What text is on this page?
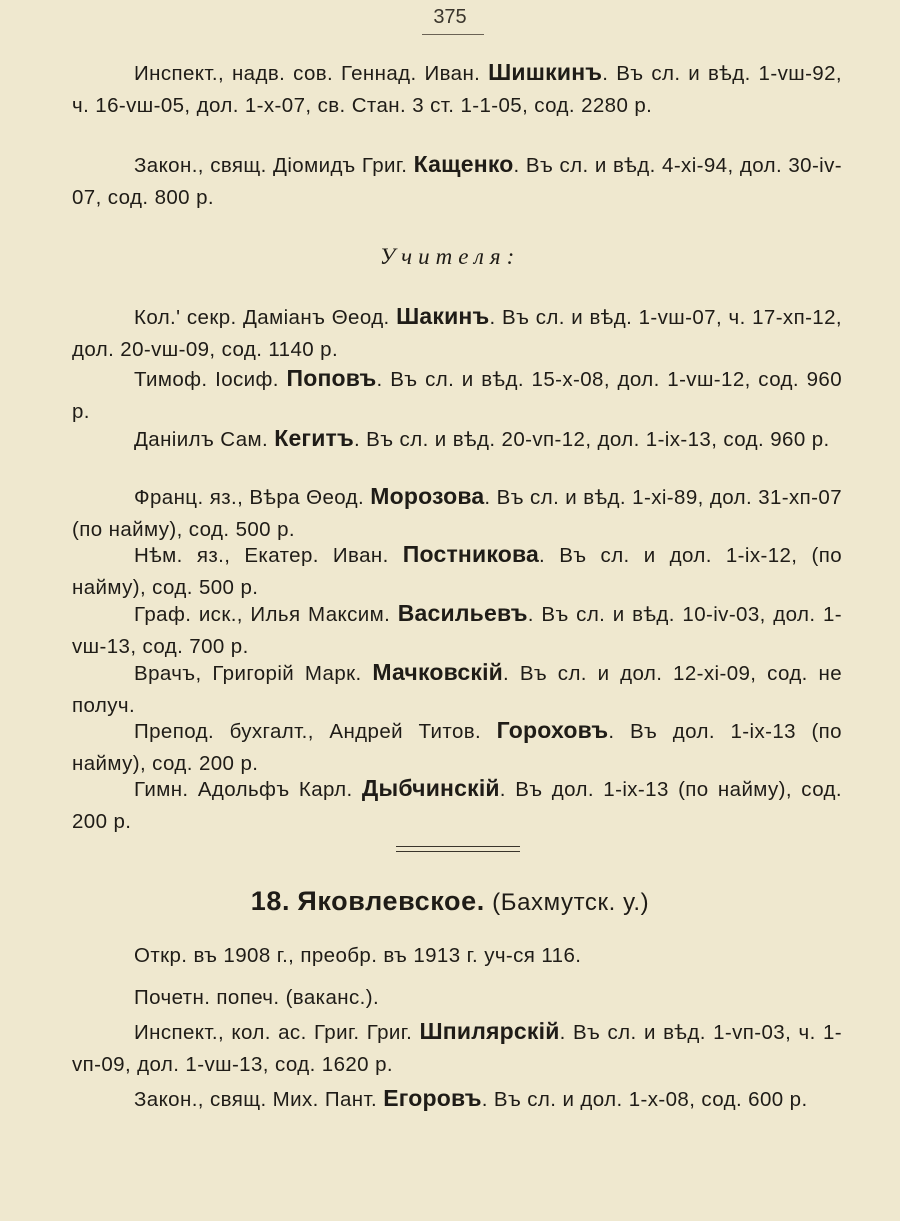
375

Инспект., надв. сов. Геннад. Иван. Шишкинъ. Въ сл. и вѣд. 1-vш-92, ч. 16-vш-05, дол. 1-х-07, св. Стан. 3 ст. 1-1-05, сод. 2280 р.

Закон., свящ. Діомидъ Григ. Кащенко. Въ сл. и вѣд. 4-хі-94, дол. 30-іv-07, сод. 800 р.

Учителя:

Кол.' секр. Даміанъ Θеод. Шакинъ. Въ сл. и вѣд. 1-vш-07, ч. 17-хп-12, дол. 20-vш-09, сод. 1140 р.

Тимоф. Іосиф. Поповъ. Въ сл. и вѣд. 15-х-08, дол. 1-vш-12, сод. 960 р.

Даніилъ Сам. Кегитъ. Въ сл. и вѣд. 20-vп-12, дол. 1-іх-13, сод. 960 р.

Франц. яз., Вѣра Θеод. Морозова. Въ сл. и вѣд. 1-хі-89, дол. 31-хп-07 (по найму), сод. 500 р.

Нѣм. яз., Екатер. Иван. Постникова. Въ сл. и дол. 1-іх-12, (по найму), сод. 500 р.

Граф. иск., Илья Максим. Васильевъ. Въ сл. и вѣд. 10-іv-03, дол. 1-vш-13, сод. 700 р.

Врачъ, Григорій Марк. Мачковскій. Въ сл. и дол. 12-хі-09, сод. не получ.

Препод. бухгалт., Андрей Титов. Гороховъ. Въ дол. 1-іх-13 (по найму), сод. 200 р.

Гимн. Адольфъ Карл. Дыбчинскій. Въ дол. 1-іх-13 (по найму), сод. 200 р.

18. Яковлевское. (Бахмутск. у.)

Откр. въ 1908 г., преобр. въ 1913 г. уч-ся 116.

Почетн. попеч. (ваканс.).

Инспект., кол. ас. Григ. Григ. Шпилярскій. Въ сл. и вѣд. 1-vп-03, ч. 1-vп-09, дол. 1-vш-13, сод. 1620 р.

Закон., свящ. Мих. Пант. Егоровъ. Въ сл. и дол. 1-х-08, сод. 600 р.
